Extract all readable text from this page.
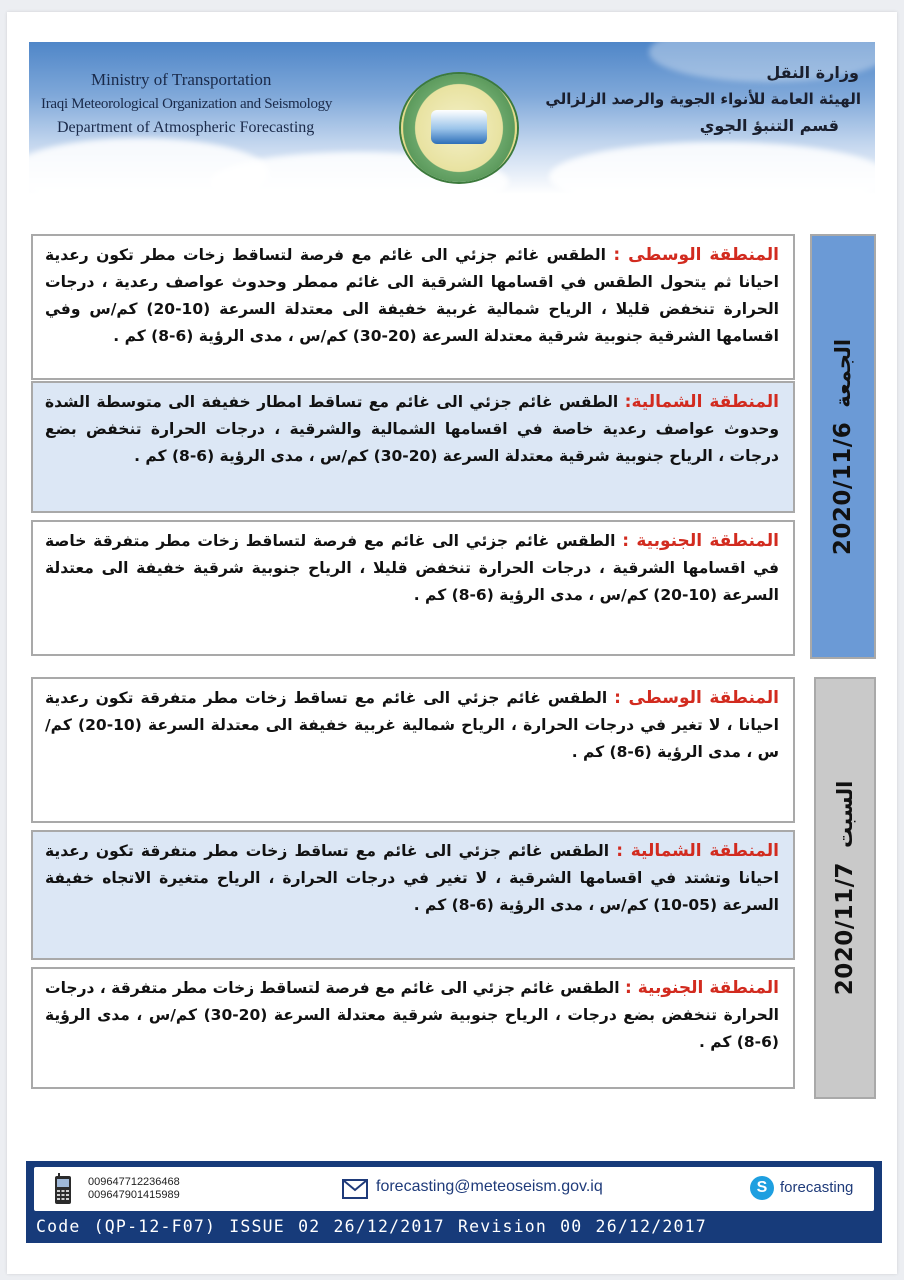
Ministry of Transportation
Iraqi Meteorological Organization and Seismology
Department of Atmospheric Forecasting
وزارة النقل
الهيئة العامة للأنواء الجوية والرصد الزلزالي
قسم التنبؤ الجوي
المنطقة الوسطى : الطقس غائم جزئي الى غائم مع فرصة لتساقط زخات مطر تكون رعدية احيانا ثم يتحول الطقس في اقسامها الشرقية الى غائم ممطر وحدوث عواصف رعدية ، درجات الحرارة تنخفض قليلا ، الرياح شمالية غربية خفيفة الى معتدلة السرعة (10-20) كم/س وفي اقسامها الشرقية جنوبية شرقية معتدلة السرعة (20-30) كم/س ، مدى الرؤية (6-8) كم .
المنطقة الشمالية: الطقس غائم جزئي الى غائم مع تساقط امطار خفيفة الى متوسطة الشدة وحدوث عواصف رعدية خاصة في اقسامها الشمالية والشرقية ، درجات الحرارة تنخفض بضع درجات ، الرياح جنوبية شرقية معتدلة السرعة (20-30) كم/س ، مدى الرؤية (6-8) كم .
المنطقة الجنوبية : الطقس غائم جزئي الى غائم مع فرصة لتساقط زخات مطر متفرقة خاصة في اقسامها الشرقية ، درجات الحرارة تنخفض قليلا ، الرياح جنوبية شرقية خفيفة الى معتدلة السرعة (10-20) كم/س ، مدى الرؤية (6-8) كم .
2020/11/6
الجمعة
المنطقة الوسطى : الطقس غائم جزئي الى غائم مع تساقط زخات مطر متفرقة تكون رعدية احيانا ، لا تغير في درجات الحرارة ، الرياح شمالية غربية خفيفة الى معتدلة السرعة (10-20) كم/س ، مدى الرؤية (6-8) كم .
المنطقة الشمالية : الطقس غائم جزئي الى غائم مع تساقط زخات مطر متفرقة تكون رعدية احيانا وتشتد في اقسامها الشرقية ، لا تغير في درجات الحرارة ، الرياح متغيرة الاتجاه خفيفة السرعة (05-10) كم/س ، مدى الرؤية (6-8) كم .
المنطقة الجنوبية : الطقس غائم جزئي الى غائم مع فرصة لتساقط زخات مطر متفرقة ، درجات الحرارة تنخفض بضع درجات ، الرياح جنوبية شرقية معتدلة السرعة (20-30) كم/س ، مدى الرؤية (6-8) كم .
2020/11/7
السبت
009647712236468
009647901415989	forecasting@meteoseism.gov.iq	S forecasting
Code (QP-12-F07) ISSUE 02 26/12/2017 Revision 00 26/12/2017
